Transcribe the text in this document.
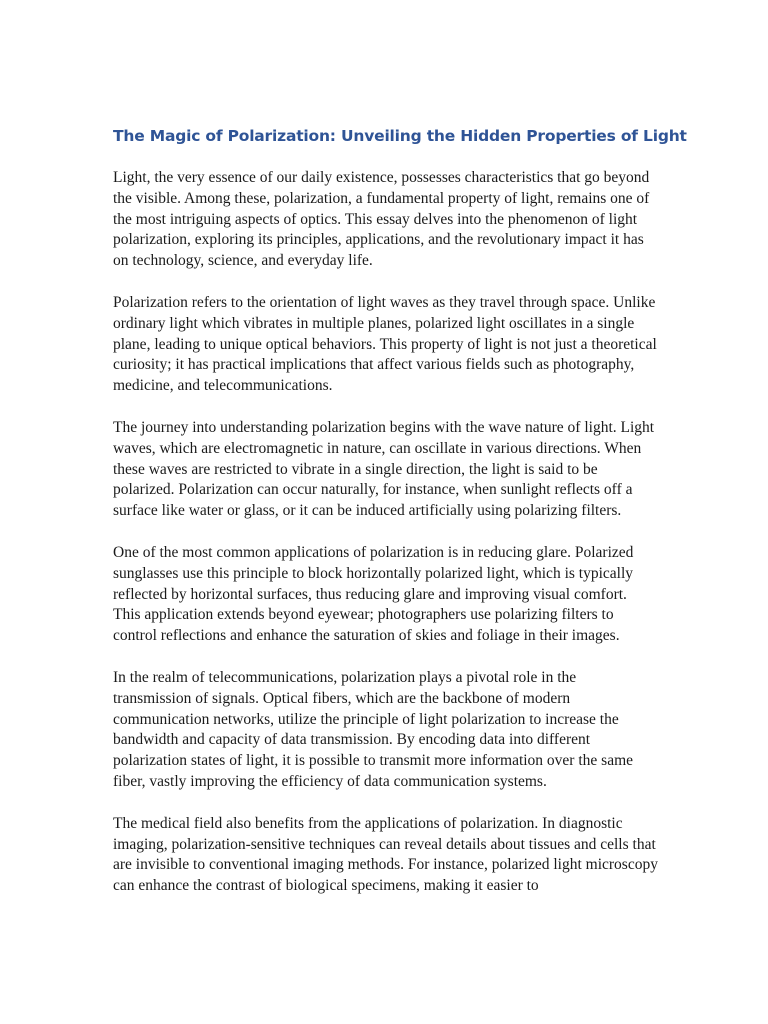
The Magic of Polarization: Unveiling the Hidden Properties of Light

Light, the very essence of our daily existence, possesses characteristics that go beyond the visible. Among these, polarization, a fundamental property of light, remains one of the most intriguing aspects of optics. This essay delves into the phenomenon of light polarization, exploring its principles, applications, and the revolutionary impact it has on technology, science, and everyday life.

Polarization refers to the orientation of light waves as they travel through space. Unlike ordinary light which vibrates in multiple planes, polarized light oscillates in a single plane, leading to unique optical behaviors. This property of light is not just a theoretical curiosity; it has practical implications that affect various fields such as photography, medicine, and telecommunications.

The journey into understanding polarization begins with the wave nature of light. Light waves, which are electromagnetic in nature, can oscillate in various directions. When these waves are restricted to vibrate in a single direction, the light is said to be polarized. Polarization can occur naturally, for instance, when sunlight reflects off a surface like water or glass, or it can be induced artificially using polarizing filters.

One of the most common applications of polarization is in reducing glare. Polarized sunglasses use this principle to block horizontally polarized light, which is typically reflected by horizontal surfaces, thus reducing glare and improving visual comfort. This application extends beyond eyewear; photographers use polarizing filters to control reflections and enhance the saturation of skies and foliage in their images.

In the realm of telecommunications, polarization plays a pivotal role in the transmission of signals. Optical fibers, which are the backbone of modern communication networks, utilize the principle of light polarization to increase the bandwidth and capacity of data transmission. By encoding data into different polarization states of light, it is possible to transmit more information over the same fiber, vastly improving the efficiency of data communication systems.

The medical field also benefits from the applications of polarization. In diagnostic imaging, polarization-sensitive techniques can reveal details about tissues and cells that are invisible to conventional imaging methods. For instance, polarized light microscopy can enhance the contrast of biological specimens, making it easier to
